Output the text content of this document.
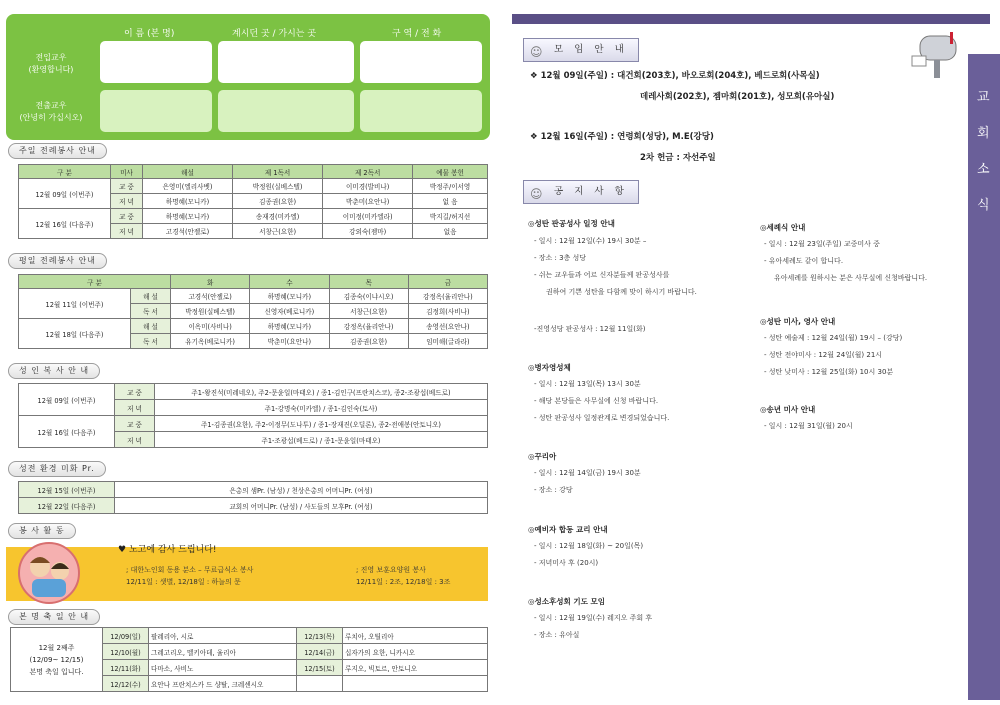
이 름 (본 명)	계시던 곳 / 가시는 곳	구 역 / 전 화
전입교우
(환영합니다)
전출교우
(안녕히 가십시오)
주일 전례봉사 안내
구 분	미사	해설	제 1독서	제 2독서	예물 봉헌
12월 09일 (이번주)	교 중	은영미(엘리사벳)	박정원(실베스텔)	이미경(발비나)	박정주/이서영
	저 녁	하명혜(모니카)	김종권(요한)	박춘미(요안나)	없 음
12월 16일 (다음주)	교 중	하명혜(모니카)	송재경(미카엘)	이미정(미카엘라)	박지길/허지선
	저 녁	고경석(안젤로)	서창근(요한)	강외숙(젬마)	없음
평일 전례봉사 안내
구 분		화	수	목	금
12월 11일 (이번주)	해 설	고경석(안젤로)	하명혜(모니카)	김종숙(이냐시오)	강정옥(율리안나)
	독 서	박정원(실베스텔)	신영자(베로니카)	서창근(요한)	김정희(사비나)
12월 18일 (다음주)	해 설	이옥미(사비나)	하명혜(모니카)	강정옥(율리안나)	송영선(요안나)
	독 서	유기옥(베로니카)	박춘미(요안나)	김종권(요한)	임미해(글라라)
성 인 복 사 안 내
12월 09일 (이번주)	교 중	주1-왕진석(미레네오), 주2-문윤일(마태오) / 종1-김인구(프란치스코), 종2-조광섭(베드로)
	저 녁	주1-강명숙(미카엘) / 종1-김인숙(토사)
12월 16일 (다음주)	교 중	주1-김종권(요한), 주2-이정무(도나투) / 종1-장재진(오딜론), 종2-전애봉(안토니오)
	저 녁	주1-조광섭(베드로) / 종1-문윤일(마태오)
성전 환경 미화 Pr.
12월 15일 (이번주)	은총의 샘Pr. (남성) / 천상은총의 어머니Pr. (여성)
12월 22일 (다음주)	교회의 어머니Pr. (남성) / 사도들의 모후Pr. (여성)
봉 사 활 동
♥ 노고에 감사 드립니다!
; 대한노인회 동용 분소 – 무료급식소 봉사
12/11일 : 샛별, 12/18일 : 하늘의 문
; 진영 보훈요양원 봉사
12/11일 : 2조, 12/18일 : 3조
본 명 축 일 안 내
12월 2째주
(12/09~ 12/15)
본명 축일 입니다.	12/09(일)	팔레리아, 시로	12/13(목)	루치아, 오틸리아
	12/10(월)	그레고리오, 멜키아데, 율리아	12/14(금)	십자가의 요한, 니카시오
	12/11(화)	다마소, 사비노	12/15(토)	루지오, 빅토르, 안토니오
	12/12(수)	요안나 프란치스카 드 샹탈, 크레센시오		
교
회
소
식
☺ 모 임 안 내
❖ 12월 09일(주일) : 대건회(203호), 바오로회(204호), 베드로회(사목실)
데레사회(202호), 젬마회(201호), 성모회(유아실)
❖ 12월 16일(주일) : 연령회(성당), M.E(강당)
2차 헌금 : 자선주일
☺ 공 지 사 항
◎성탄 판공성사 일정 안내
- 일시 : 12월 12일(수) 19시 30분 –
- 장소 : 3층 성당
- 쉬는 교우들과 어르 신자분들께 판공성사를
권하여 기쁜 성탄을 다함께 맞이 하시기 바랍니다.
-진영성당 판공성사 : 12월 11일(화)
◎병자영성체
- 일시 : 12월 13일(목) 13시 30분
- 해당 본당들은 사무실에 신청 바랍니다.
- 성탄 판공성사 일정관계로 변경되었습니다.
◎꾸리아
- 일시 : 12월 14일(금) 19시 30분
- 장소 : 강당
◎예비자 합동 교리 안내
- 일시 : 12월 18일(화) ~ 20일(목)
- 저녁미사 후 (20시)
◎성소후성회 기도 모임
- 일시 : 12월 19일(수) 레지오 주회 후
- 장소 : 유아실
◎세례식 안내
- 일시 : 12월 23일(주일) 교중미사 중
- 유아세례도 같이 합니다.
유아세례를 원하시는 분은 사무실에 신청바랍니다.
◎성탄 미사, 영사 안내
- 성탄 예술제 : 12월 24일(월) 19시 – (강당)
- 성탄 전야미사 : 12월 24일(월) 21시
- 성탄 낮미사 : 12월 25일(화) 10시 30분
◎송년 미사 안내
- 일시 : 12월 31일(월) 20시
